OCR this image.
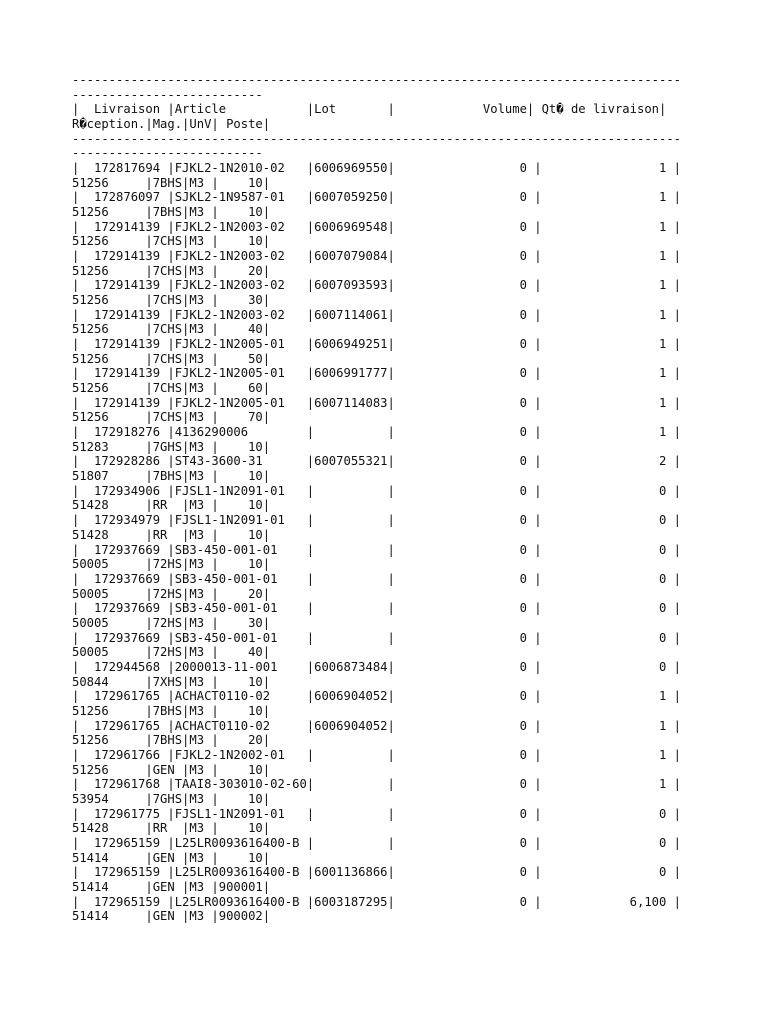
-----------------------------------------------------------------------------------
--------------------------
|  Livraison |Article           |Lot       |            Volume| Qt� de livraison|
R�ception.|Mag.|UnV| Poste|
-----------------------------------------------------------------------------------
--------------------------
|  172817694 |FJKL2-1N2010-02   |6006969550|                 0 |                1 |
51256     |7BHS|M3 |    10|
|  172876097 |SJKL2-1N9587-01   |6007059250|                 0 |                1 |
51256     |7BHS|M3 |    10|
|  172914139 |FJKL2-1N2003-02   |6006969548|                 0 |                1 |
51256     |7CHS|M3 |    10|
|  172914139 |FJKL2-1N2003-02   |6007079084|                 0 |                1 |
51256     |7CHS|M3 |    20|
|  172914139 |FJKL2-1N2003-02   |6007093593|                 0 |                1 |
51256     |7CHS|M3 |    30|
|  172914139 |FJKL2-1N2003-02   |6007114061|                 0 |                1 |
51256     |7CHS|M3 |    40|
|  172914139 |FJKL2-1N2005-01   |6006949251|                 0 |                1 |
51256     |7CHS|M3 |    50|
|  172914139 |FJKL2-1N2005-01   |6006991777|                 0 |                1 |
51256     |7CHS|M3 |    60|
|  172914139 |FJKL2-1N2005-01   |6007114083|                 0 |                1 |
51256     |7CHS|M3 |    70|
|  172918276 |4136290006        |          |                 0 |                1 |
51283     |7GHS|M3 |    10|
|  172928286 |ST43-3600-31      |6007055321|                 0 |                2 |
51807     |7BHS|M3 |    10|
|  172934906 |FJSL1-1N2091-01   |          |                 0 |                0 |
51428     |RR  |M3 |    10|
|  172934979 |FJSL1-1N2091-01   |          |                 0 |                0 |
51428     |RR  |M3 |    10|
|  172937669 |SB3-450-001-01    |          |                 0 |                0 |
50005     |72HS|M3 |    10|
|  172937669 |SB3-450-001-01    |          |                 0 |                0 |
50005     |72HS|M3 |    20|
|  172937669 |SB3-450-001-01    |          |                 0 |                0 |
50005     |72HS|M3 |    30|
|  172937669 |SB3-450-001-01    |          |                 0 |                0 |
50005     |72HS|M3 |    40|
|  172944568 |2000013-11-001    |6006873484|                 0 |                0 |
50844     |7XHS|M3 |    10|
|  172961765 |ACHACT0110-02     |6006904052|                 0 |                1 |
51256     |7BHS|M3 |    10|
|  172961765 |ACHACT0110-02     |6006904052|                 0 |                1 |
51256     |7BHS|M3 |    20|
|  172961766 |FJKL2-1N2002-01   |          |                 0 |                1 |
51256     |GEN |M3 |    10|
|  172961768 |TAAI8-303010-02-60|          |                 0 |                1 |
53954     |7GHS|M3 |    10|
|  172961775 |FJSL1-1N2091-01   |          |                 0 |                0 |
51428     |RR  |M3 |    10|
|  172965159 |L25LR0093616400-B |          |                 0 |                0 |
51414     |GEN |M3 |    10|
|  172965159 |L25LR0093616400-B |6001136866|                 0 |                0 |
51414     |GEN |M3 |900001|
|  172965159 |L25LR0093616400-B |6003187295|                 0 |            6,100 |
51414     |GEN |M3 |900002|
